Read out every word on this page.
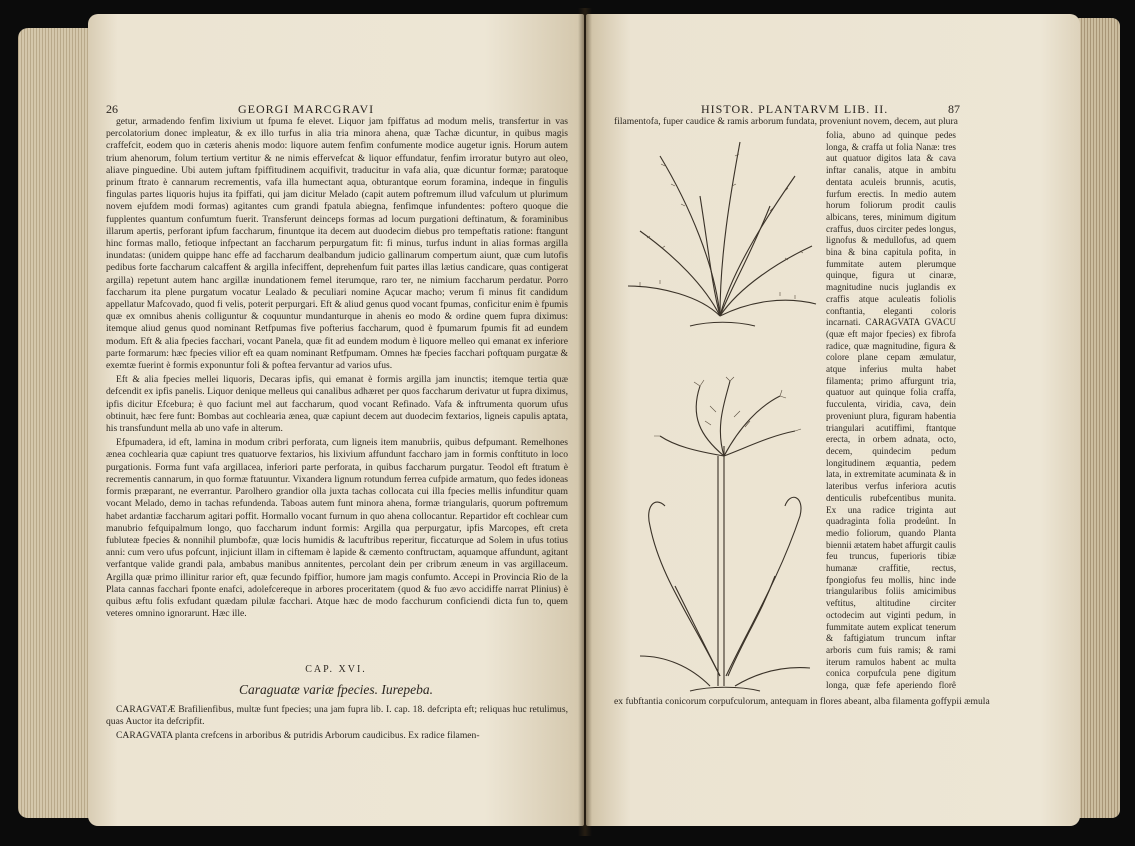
26	GEORGI MARCGRAVI

getur, armadendo fenfim lixivium ut fpuma fe elevet. Liquor jam fpiffatus ad modum melis, transfertur in vas percolatorium donec impleatur, & ex illo turfus in alia tria minora ahena, quæ Tachæ dicuntur, in quibus magis craffefcit, eodem quo in cæteris ahenis modo: liquore autem fenfim confumente modice augetur ignis. Horum autem trium ahenorum, folum tertium vertitur & ne nimis effervefcat & liquor effundatur, fenfim irroratur butyro aut oleo, aliave pinguedine. Ubi autem juftam fpiffitudinem acquifivit, traducitur in vafa alia, quæ dicuntur formæ; paratoque prinum ftrato è cannarum recrementis, vafa illa humectant aqua, obturantque eorum foramina, indeque in fingulis fingulas partes liquoris hujus ita fpiffati, qui jam dicitur Melado (capit autem poftremum illud vafculum ut plurimum novem ejufdem modi formas) agitantes cum grandi fpatula abiegna, fenfimque infundentes: poftero quoque die fupplentes quantum confumtum fuerit. Transferunt deinceps formas ad locum purgationi deftinatum, & foraminibus illarum apertis, perforant ipfum faccharum, finuntque ita decem aut duodecim diebus pro tempeftatis ratione: ftangunt hinc formas mallo, fetioque infpectant an faccharum perpurgatum fit: fi minus, turfus indunt in alias formas argilla inundatas: (unidem quippe hanc effe ad faccharum dealbandum judicio gallinarum compertum aiunt, quæ cum lutofis pedibus forte faccharum calcaffent & argilla infeciffent, deprehenfum fuit partes illas lætius candicare, quas contigerat argilla) repetunt autem hanc argillæ inundationem femel iterumque, raro ter, ne nimium faccharum perdatur. Porro faccharum ita plene purgatum vocatur Lealado & peculiari nomine Açucar macho; verum fi minus fit candidum appellatur Mafcovado, quod fi velis, poterit perpurgari. Eft & aliud genus quod vocant fpumas, conficitur enim è fpumis quæ ex omnibus ahenis colliguntur & coquuntur mundanturque in ahenis eo modo & ordine quem fupra diximus: itemque aliud genus quod nominant Retfpumas five pofterius faccharum, quod è fpumarum fpumis fit ad eundem modum. Eft & alia fpecies facchari, vocant Panela, quæ fit ad eundem modum è liquore melleo qui emanat ex inferiore parte formarum: hæc fpecies vilior eft ea quam nominant Retfpumam. Omnes hæ fpecies facchari poftquam purgatæ & exemtæ fuerint è formis exponuntur foli & poftea fervantur ad varios ufus.

Eft & alia fpecies mellei liquoris, Decaras ipfis, qui emanat è formis argilla jam inunctis; itemque tertia quæ defcendit ex ipfis panelis. Liquor denique melleus qui canalibus adhæret per quos faccharum derivatur ut fupra diximus, ipfis dicitur Efcebura; è quo faciunt mel aut faccharum, quod vocant Refinado. Vafa & inftrumenta quorum ufus obtinuit, hæc fere funt: Bombas aut cochlearia ænea, quæ capiunt decem aut duodecim fextarios, ligneis capulis aptata, his transfundunt mella ab uno vafe in alterum.

Efpumadera, id eft, lamina in modum cribri perforata, cum ligneis item manubriis, quibus defpumant. Remelhones ænea cochlearia quæ capiunt tres quatuorve fextarios, his lixivium affundunt faccharo jam in formis conftituto in loco purgationis. Forma funt vafa argillacea, inferiori parte perforata, in quibus faccharum purgatur. Teodol eft ftratum è recrementis cannarum, in quo formæ ftatuuntur. Vixandera lignum rotundum ferrea cufpide armatum, quo fedes idoneas formis præparant, ne everrantur. Parolhero grandior olla juxta tachas collocata cui illa fpecies mellis infunditur quam vocant Melado, demo in tachas refundenda. Taboas autem funt minora ahena, formæ triangularis, quorum poftremum habet ardantiæ faccharum agitari poffit. Hormallo vocant furnum in quo ahena collocantur. Repartidor eft cochlear cum manubrio fefquipalmum longo, quo faccharum indunt formis: Argilla qua perpurgatur, ipfis Marcopes, eft creta fubluteæ fpecies & nonnihil plumbofæ, quæ locis humidis & lacuftribus reperitur, ficcaturque ad Solem in ufus totius anni: cum vero ufus pofcunt, injiciunt illam in ciftemam è lapide & cæmento conftructam, aquamque affundunt, agitant verfantque valide grandi pala, ambabus manibus annitentes, percolant dein per cribrum æneum in vas argillaceum. Argilla quæ primo illinitur rarior eft, quæ fecundo fpiffior, humore jam magis confumto. Accepi in Provincia Rio de la Plata cannas facchari fponte enafci, adolefcereque in arbores proceritatem (quod & fuo ævo accidiffe narrat Plinius) è quibus æftu folis exfudant quædam pilulæ facchari. Atque hæc de modo facchurum conficiendi dicta fun to, quem veteres omnino ignorarunt. Hæc ille.

CAP. XVI.
Caraguatæ variæ fpecies. Iurepeba.

CARAGVATÆ Brafilienfibus, multæ funt fpecies; una jam fupra lib. I. cap. 18. defcripta eft; reliquas huc retulimus, quas Auctor ita defcripfit.

CARAGVATA planta crefcens in arboribus & putridis Arborum caudicibus. Ex radice filamen-

HISTOR. PLANTARVM LIB. II.	87
filamentofa, fuper caudice & ramis arborum fundata, proveniunt novem, decem, aut plura
folia, abuno ad quinque pedes longa, & craffa ut folia Nanæ: tres aut quatuor digitos lata & cava inftar canalis, atque in ambitu dentata aculeis brunnis, acutis, furfum erectis. In medio autem horum foliorum prodit caulis albicans, teres, minimum digitum craffus, duos circiter pedes longus, lignofus & medullofus, ad quem bina & bina capitula pofita, in fummitate autem plerumque quinque, figura ut cinaræ, magnitudine nucis juglandis ex craffis atque aculeatis foliolis conftantia, eleganti coloris incarnati. CARAGVATA GVACU (quæ eft major fpecies) ex fibrofa radice, quæ magnitudine, figura & colore plane cepam æmulatur, atque inferius multa habet filamenta; primo affurgunt tria, quatuor aut quinque folia craffa, fucculenta, viridia, cava, dein proveniunt plura, figuram habentia triangulari acutiffimi, ftantque erecta, in orbem adnata, octo, decem, quindecim pedum longitudinem æquantia, pedem lata, in extremitate acuminata & in lateribus verfus inferiora acutis denticulis rubefcentibus munita. Ex una radice triginta aut quadraginta folia prodeûnt. In medio foliorum, quando Planta biennii ætatem habet affurgit caulis feu truncus, fuperioris tibiæ humanæ craffitie, rectus, fpongiofus feu mollis, hinc inde triangularibus foliis amicimibus veftitus, altitudine circiter octodecim aut viginti pedum, in fummitate autem explicat tenerum & faftigiatum truncum inftar arboris cum fuis ramis; & rami iterum ramulos habent ac multa conica corpufcula pene digitum longa, quæ fefe aperiendo florê
ex fubftantia conicorum corpufculorum, antequam in flores abeant, alba filamenta goffypii æmula
